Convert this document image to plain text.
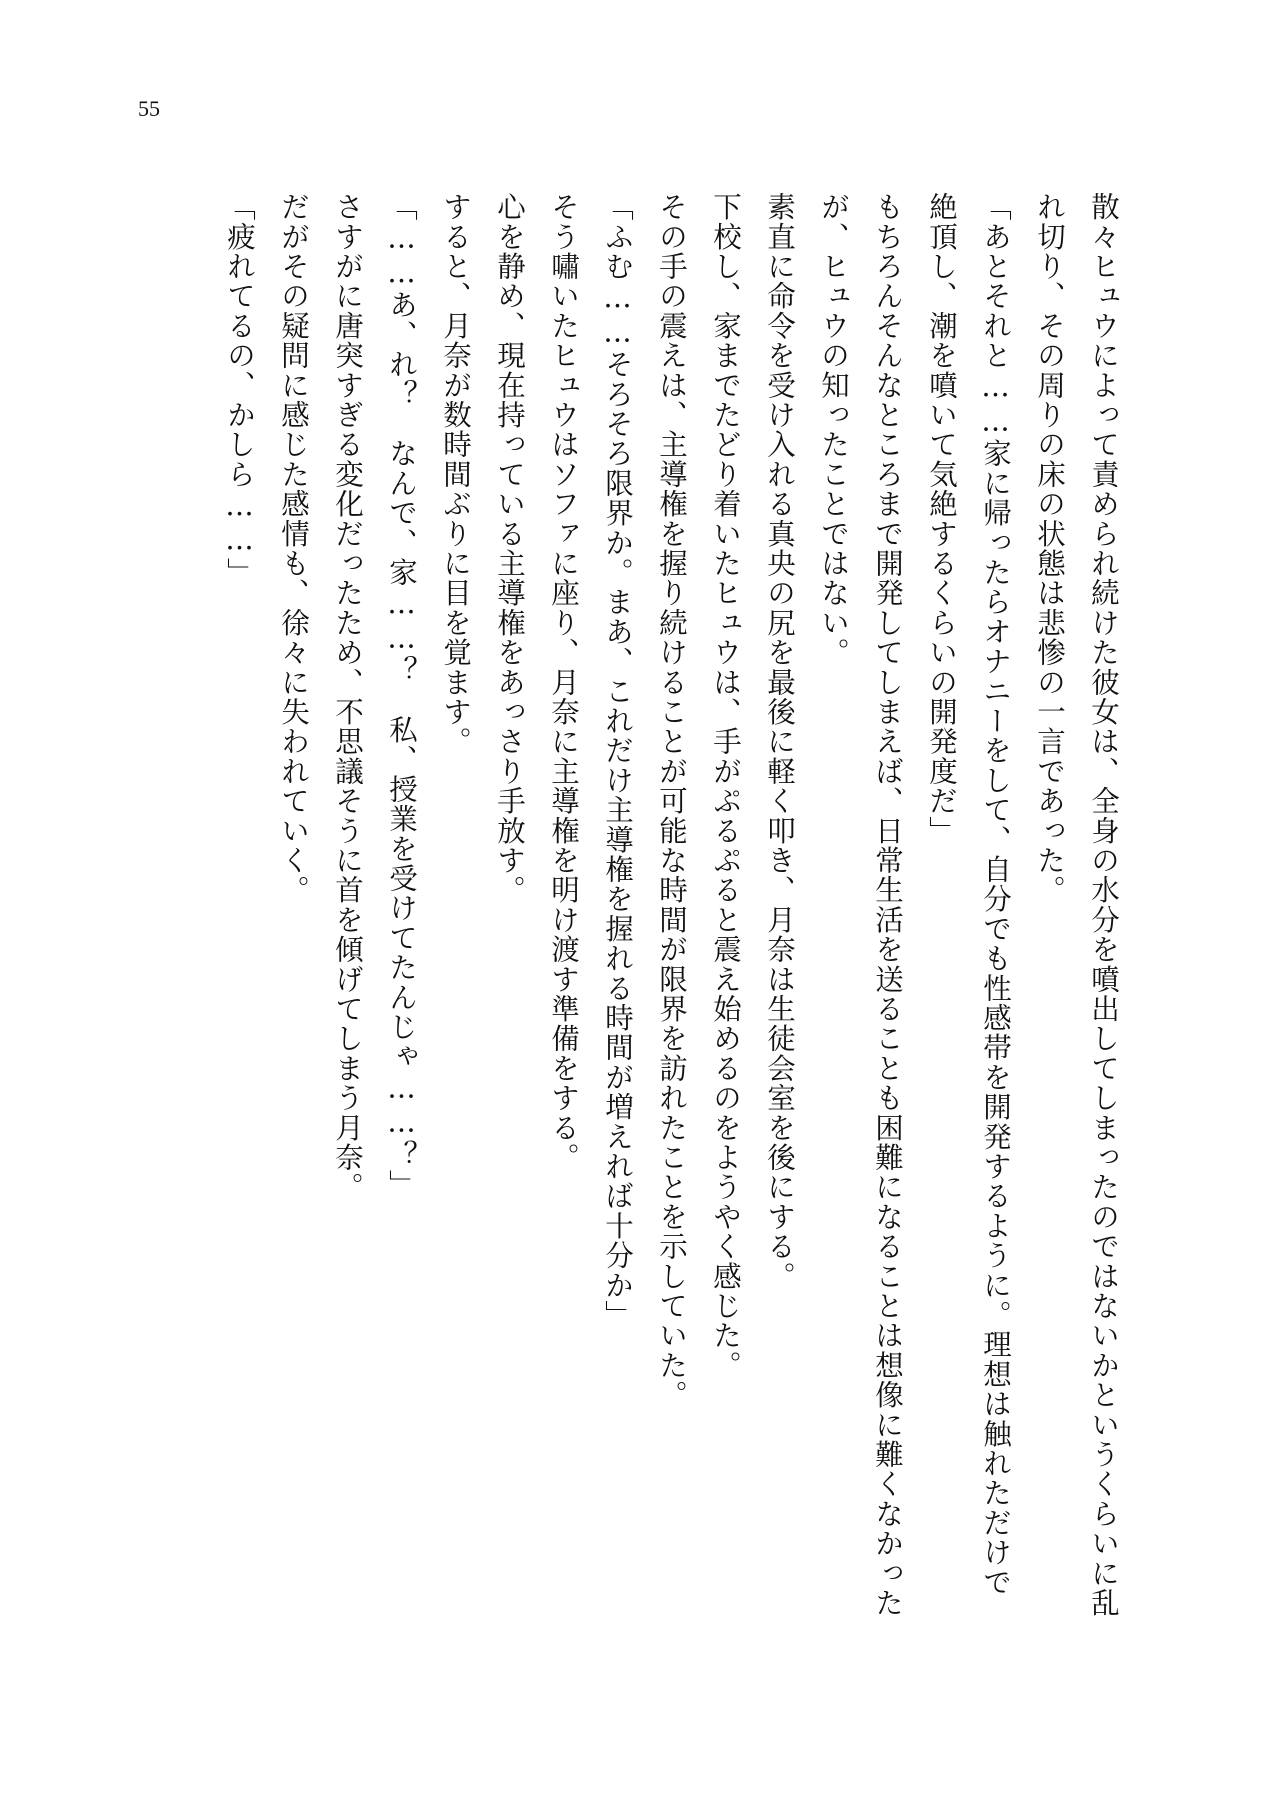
55

散々ヒュウによって責められ続けた彼女は、全身の水分を噴出してしまったのではないかというくらいに乱れ切り、その周りの床の状態は悲惨の一言であった。

「あとそれと……家に帰ったらオナニーをして、自分でも性感帯を開発するように。理想は触れただけで絶頂し、潮を噴いて気絶するくらいの開発度だ」

もちろんそんなところまで開発してしまえば、日常生活を送ることも困難になることは想像に難くなかったが、ヒュウの知ったことではない。

素直に命令を受け入れる真央の尻を最後に軽く叩き、月奈は生徒会室を後にする。

下校し、家までたどり着いたヒュウは、手がぷるぷると震え始めるのをようやく感じた。

その手の震えは、主導権を握り続けることが可能な時間が限界を訪れたことを示していた。

「ふむ……そろそろ限界か。まあ、これだけ主導権を握れる時間が増えれば十分か」

そう嘯いたヒュウはソファに座り、月奈に主導権を明け渡す準備をする。

心を静め、現在持っている主導権をあっさり手放す。

すると、月奈が数時間ぶりに目を覚ます。

「……あ、れ？　なんで、家……？　私、授業を受けてたんじゃ……？」

さすがに唐突すぎる変化だったため、不思議そうに首を傾げてしまう月奈。

だがその疑問に感じた感情も、徐々に失われていく。

「疲れてるの、かしら……」
